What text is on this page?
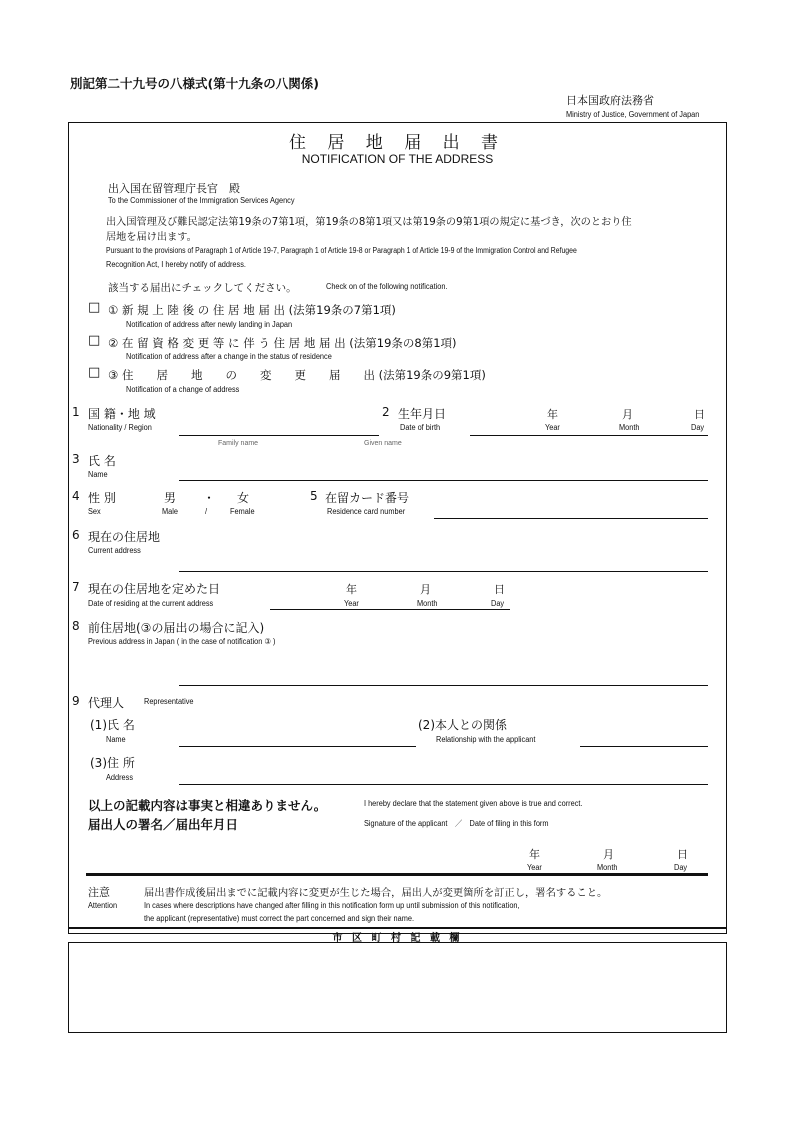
別記第二十九号の八様式(第十九条の八関係)
日本国政府法務省
Ministry of Justice, Government of Japan
住 居 地 届 出 書
NOTIFICATION OF THE ADDRESS
出入国在留管理庁長官　殿
To the Commissioner of the Immigration Services Agency
出入国管理及び難民認定法第19条の7第1項，第19条の8第1項又は第19条の9第1項の規定に基づき，次のとおり住
居地を届け出ます。
Pursuant to the provisions of Paragraph 1 of Article 19-7, Paragraph 1 of Article 19-8 or Paragraph 1 of Article 19-9 of the Immigration Control and Refugee
Recognition Act, I hereby notify of address.
該当する届出にチェックしてください。	Check on of the following notification.
□ ① 新 規 上 陸 後 の 住 居 地 届 出 (法第19条の7第1項)
Notification of address after newly landing in Japan
□ ② 在 留 資 格 変 更 等 に 伴 う 住 居 地 届 出 (法第19条の8第1項)
Notification of address after a change in the status of residence
□ ③ 住　　居　　地　　の　　変　　更　　届　　出 (法第19条の9第1項)
Notification of a change of address
1 国 籍・地 域
Nationality / Region
2 生年月日
Date of birth
年
Year
月
Month
日
Day
Family name	Given name
3 氏 名
Name
4 性 別
Sex
男 ・ 女
Male	/	Female
5 在留カード番号
Residence card number
6 現在の住居地
Current address
7 現在の住居地を定めた日
Date of residing at the current address
年
Year
月
Month
日
Day
8 前住居地(③の届出の場合に記入)
Previous address in Japan ( in the case of notification ③ )
9 代理人 Representative
(1)氏 名
Name
(2)本人との関係
Relationship with the applicant
(3)住 所
Address
以上の記載内容は事実と相違ありません。	I hereby declare that the statement given above is true and correct.
届出人の署名／届出年月日	Signature of the applicant　／　Date of filing in this form
年
Year
月
Month
日
Day
注意
Attention
届出書作成後届出までに記載内容に変更が生じた場合，届出人が変更箇所を訂正し，署名すること。
In cases where descriptions have changed after filling in this notification form up until submission of this notification,
the applicant (representative) must correct the part concerned and sign their name.
市 区 町 村 記 載 欄
